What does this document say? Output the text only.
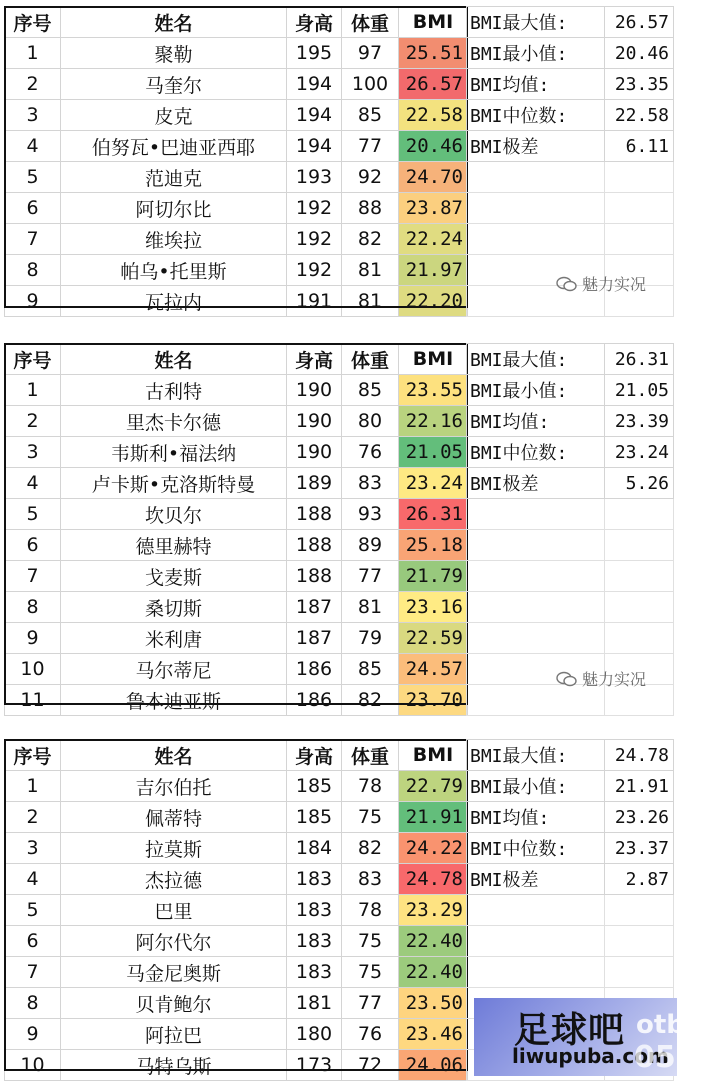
序号	姓名	身高	体重	BMI
1	聚勒	195	97	25.51
2	马奎尔	194	100	26.57
3	皮克	194	85	22.58
4	伯努瓦•巴迪亚西耶	194	77	20.46
5	范迪克	193	92	24.70
6	阿切尔比	192	88	23.87
7	维埃拉	192	82	22.24
8	帕乌•托里斯	192	81	21.97
9	瓦拉内	191	81	22.20
BMI最大值:	26.57
BMI最小值:	20.46
BMI均值:	23.35
BMI中位数:	22.58
BMI极差	6.11

魅力实况
序号	姓名	身高	体重	BMI
1	古利特	190	85	23.55
2	里杰卡尔德	190	80	22.16
3	韦斯利•福法纳	190	76	21.05
4	卢卡斯•克洛斯特曼	189	83	23.24
5	坎贝尔	188	93	26.31
6	德里赫特	188	89	25.18
7	戈麦斯	188	77	21.79
8	桑切斯	187	81	23.16
9	米利唐	187	79	22.59
10	马尔蒂尼	186	85	24.57
11	鲁本迪亚斯	186	82	23.70
BMI最大值:	26.31
BMI最小值:	21.05
BMI均值:	23.39
BMI中位数:	23.24
BMI极差	5.26

魅力实况
序号	姓名	身高	体重	BMI
1	吉尔伯托	185	78	22.79
2	佩蒂特	185	75	21.91
3	拉莫斯	184	82	24.22
4	杰拉德	183	83	24.78
5	巴里	183	78	23.29
6	阿尔代尔	183	75	22.40
7	马金尼奥斯	183	75	22.40
8	贝肯鲍尔	181	77	23.50
9	阿拉巴	180	76	23.46
10	马特乌斯	173	72	24.06
BMI最大值:	24.78
BMI最小值:	21.91
BMI均值:	23.26
BMI中位数:	23.37
BMI极差	2.87

足球吧
liwupuba.com
otb
0520
